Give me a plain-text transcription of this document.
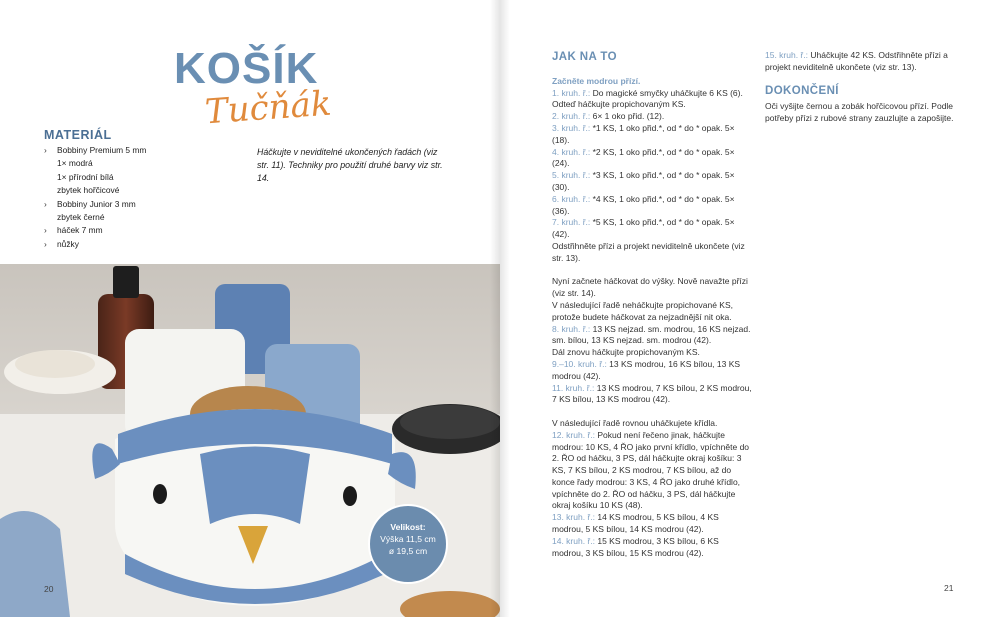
KOŠÍK
Tučňák
MATERIÁL
› Bobbiny Premium 5 mm
1× modrá
1× přírodní bílá
zbytek hořčicové
› Bobbiny Junior 3 mm
zbytek černé
› háček 7 mm
› nůžky
Háčkujte v neviditelné ukončených řadách (viz str. 11). Techniky pro použití druhé barvy viz str. 14.
Velikost:
Výška 11,5 cm
ø 19,5 cm
20
JAK NA TO
Začněte modrou přízí.
1. kruh. ř.: Do magické smyčky uháčkujte 6 KS (6). Odteď háčkujte propichovaným KS.
2. kruh. ř.: 6× 1 oko přid. (12).
3. kruh. ř.: *1 KS, 1 oko přid.*, od * do * opak. 5× (18).
4. kruh. ř.: *2 KS, 1 oko přid.*, od * do * opak. 5× (24).
5. kruh. ř.: *3 KS, 1 oko přid.*, od * do * opak. 5× (30).
6. kruh. ř.: *4 KS, 1 oko přid.*, od * do * opak. 5× (36).
7. kruh. ř.: *5 KS, 1 oko přid.*, od * do * opak. 5× (42).
Odstřihněte přízi a projekt neviditelně ukončete (viz str. 13).
Nyní začnete háčkovat do výšky. Nově navažte přízi (viz str. 14).
V následující řadě neháčkujte propichované KS, protože budete háčkovat za nejzadnější nit oka.
8. kruh. ř.: 13 KS nejzad. sm. modrou, 16 KS nejzad. sm. bílou, 13 KS nejzad. sm. modrou (42).
Dál znovu háčkujte propichovaným KS.
9.–10. kruh. ř.: 13 KS modrou, 16 KS bílou, 13 KS modrou (42).
11. kruh. ř.: 13 KS modrou, 7 KS bílou, 2 KS modrou, 7 KS bílou, 13 KS modrou (42).
V následující řadě rovnou uháčkujete křídla.
12. kruh. ř.: Pokud není řečeno jinak, háčkujte modrou: 10 KS, 4 ŘO jako první křídlo, vpíchněte do 2. ŘO od háčku, 3 PS, dál háčkujte okraj košíku: 3 KS, 7 KS bílou, 2 KS modrou, 7 KS bílou, až do konce řady modrou: 3 KS, 4 ŘO jako druhé křídlo, vpíchněte do 2. ŘO od háčku, 3 PS, dál háčkujte okraj košíku 10 KS (48).
13. kruh. ř.: 14 KS modrou, 5 KS bílou, 4 KS modrou, 5 KS bílou, 14 KS modrou (42).
14. kruh. ř.: 15 KS modrou, 3 KS bílou, 6 KS modrou, 3 KS bílou, 15 KS modrou (42).
15. kruh. ř.: Uháčkujte 42 KS. Odstřihněte přízi a projekt neviditelně ukončete (viz str. 13).
DOKONČENÍ
Oči vyšijte černou a zobák hořčicovou přízí. Podle potřeby přízi z rubové strany zauzlujte a zapošijte.
21
